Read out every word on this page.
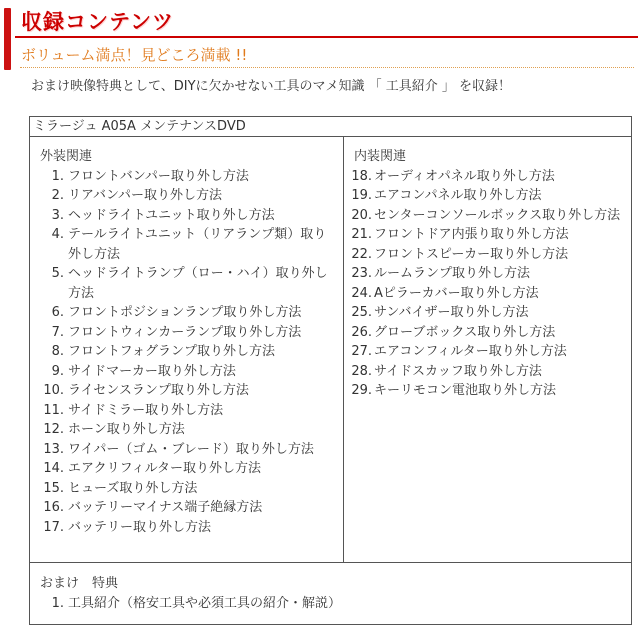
収録コンテンツ
ボリューム満点！見どころ満載 !!
おまけ映像特典として、DIYに欠かせない工具のマメ知識 「 工具紹介 」 を収録！
ミラージュ A05A メンテナンスDVD
外装関連
1. フロントバンパー取り外し方法
2. リアバンパー取り外し方法
3. ヘッドライトユニット取り外し方法
4. テールライトユニット（リアランプ類）取り外し方法
5. ヘッドライトランプ（ロー・ハイ）取り外し方法
6. フロントポジションランプ取り外し方法
7. フロントウィンカーランプ取り外し方法
8. フロントフォグランプ取り外し方法
9. サイドマーカー取り外し方法
10. ライセンスランプ取り外し方法
11. サイドミラー取り外し方法
12. ホーン取り外し方法
13. ワイパー（ゴム・ブレード）取り外し方法
14. エアクリフィルター取り外し方法
15. ヒューズ取り外し方法
16. バッテリーマイナス端子絶縁方法
17. バッテリー取り外し方法
内装関連
18. オーディオパネル取り外し方法
19. エアコンパネル取り外し方法
20. センターコンソールボックス取り外し方法
21. フロントドア内張り取り外し方法
22. フロントスピーカー取り外し方法
23. ルームランプ取り外し方法
24. Aピラーカバー取り外し方法
25. サンバイザー取り外し方法
26. グローブボックス取り外し方法
27. エアコンフィルター取り外し方法
28. サイドスカッフ取り外し方法
29. キーリモコン電池取り外し方法
おまけ　特典
1. 工具紹介（格安工具や必須工具の紹介・解説）
